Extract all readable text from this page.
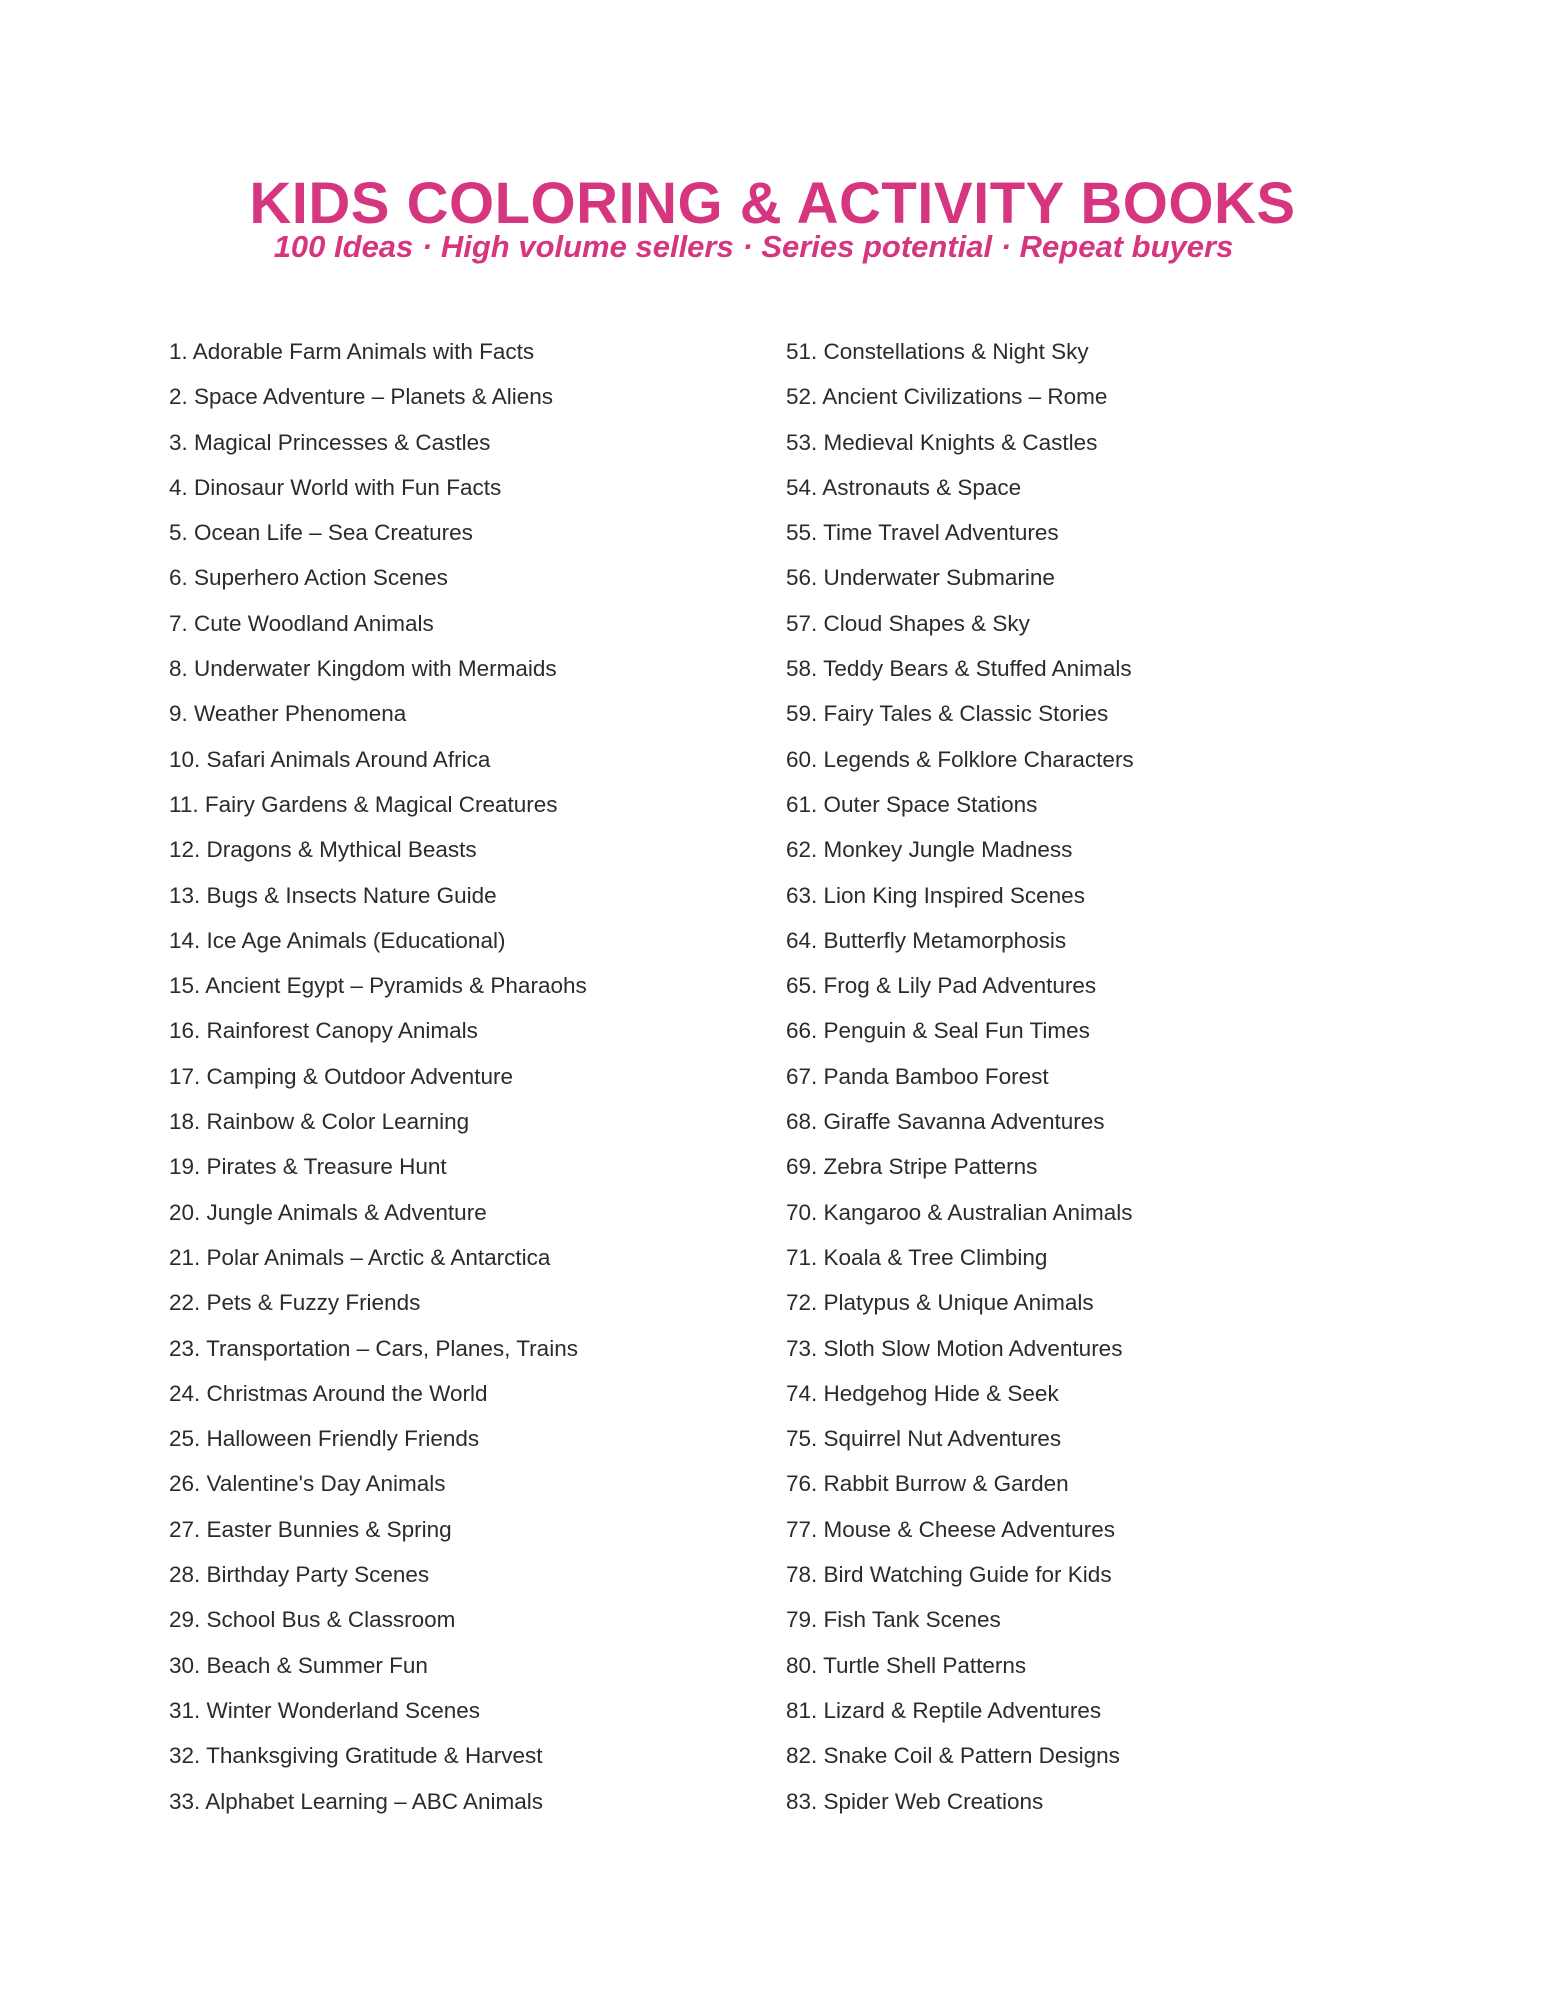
KIDS COLORING & ACTIVITY BOOKS
100 Ideas · High volume sellers · Series potential · Repeat buyers
1. Adorable Farm Animals with Facts
2. Space Adventure – Planets & Aliens
3. Magical Princesses & Castles
4. Dinosaur World with Fun Facts
5. Ocean Life – Sea Creatures
6. Superhero Action Scenes
7. Cute Woodland Animals
8. Underwater Kingdom with Mermaids
9. Weather Phenomena
10. Safari Animals Around Africa
11. Fairy Gardens & Magical Creatures
12. Dragons & Mythical Beasts
13. Bugs & Insects Nature Guide
14. Ice Age Animals (Educational)
15. Ancient Egypt – Pyramids & Pharaohs
16. Rainforest Canopy Animals
17. Camping & Outdoor Adventure
18. Rainbow & Color Learning
19. Pirates & Treasure Hunt
20. Jungle Animals & Adventure
21. Polar Animals – Arctic & Antarctica
22. Pets & Fuzzy Friends
23. Transportation – Cars, Planes, Trains
24. Christmas Around the World
25. Halloween Friendly Friends
26. Valentine's Day Animals
27. Easter Bunnies & Spring
28. Birthday Party Scenes
29. School Bus & Classroom
30. Beach & Summer Fun
31. Winter Wonderland Scenes
32. Thanksgiving Gratitude & Harvest
33. Alphabet Learning – ABC Animals
51. Constellations & Night Sky
52. Ancient Civilizations – Rome
53. Medieval Knights & Castles
54. Astronauts & Space
55. Time Travel Adventures
56. Underwater Submarine
57. Cloud Shapes & Sky
58. Teddy Bears & Stuffed Animals
59. Fairy Tales & Classic Stories
60. Legends & Folklore Characters
61. Outer Space Stations
62. Monkey Jungle Madness
63. Lion King Inspired Scenes
64. Butterfly Metamorphosis
65. Frog & Lily Pad Adventures
66. Penguin & Seal Fun Times
67. Panda Bamboo Forest
68. Giraffe Savanna Adventures
69. Zebra Stripe Patterns
70. Kangaroo & Australian Animals
71. Koala & Tree Climbing
72. Platypus & Unique Animals
73. Sloth Slow Motion Adventures
74. Hedgehog Hide & Seek
75. Squirrel Nut Adventures
76. Rabbit Burrow & Garden
77. Mouse & Cheese Adventures
78. Bird Watching Guide for Kids
79. Fish Tank Scenes
80. Turtle Shell Patterns
81. Lizard & Reptile Adventures
82. Snake Coil & Pattern Designs
83. Spider Web Creations
